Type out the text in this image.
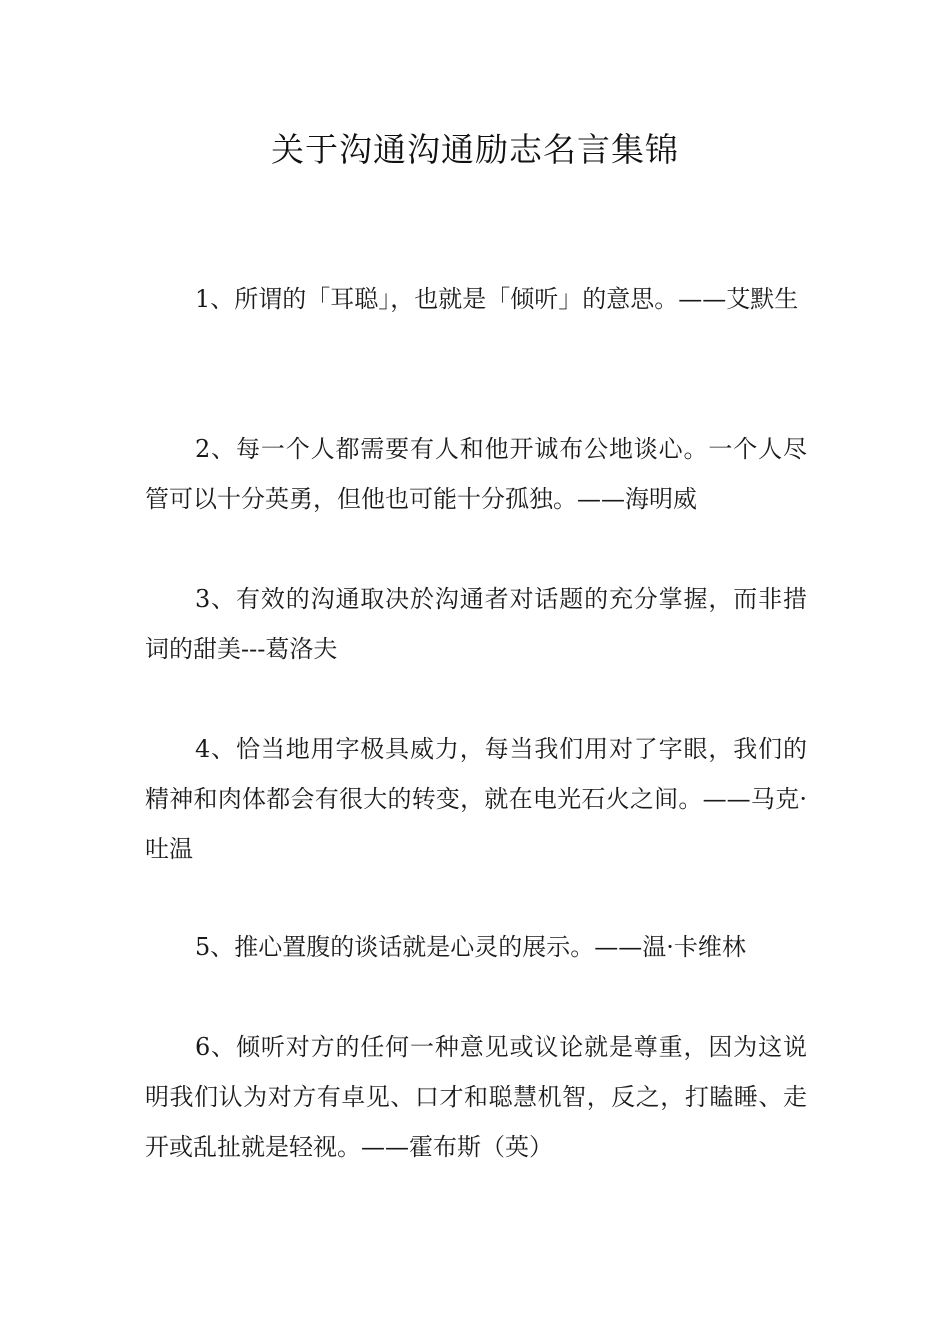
关于沟通沟通励志名言集锦

1、所谓的「耳聪」，也就是「倾听」的意思。——艾默生

2、每一个人都需要有人和他开诚布公地谈心。一个人尽管可以十分英勇，但他也可能十分孤独。——海明威

3、有效的沟通取决於沟通者对话题的充分掌握，而非措词的甜美---葛洛夫

4、恰当地用字极具威力，每当我们用对了字眼，我们的精神和肉体都会有很大的转变，就在电光石火之间。——马克·吐温

5、推心置腹的谈话就是心灵的展示。——温·卡维林

6、倾听对方的任何一种意见或议论就是尊重，因为这说明我们认为对方有卓见、口才和聪慧机智，反之，打瞌睡、走开或乱扯就是轻视。——霍布斯（英）
